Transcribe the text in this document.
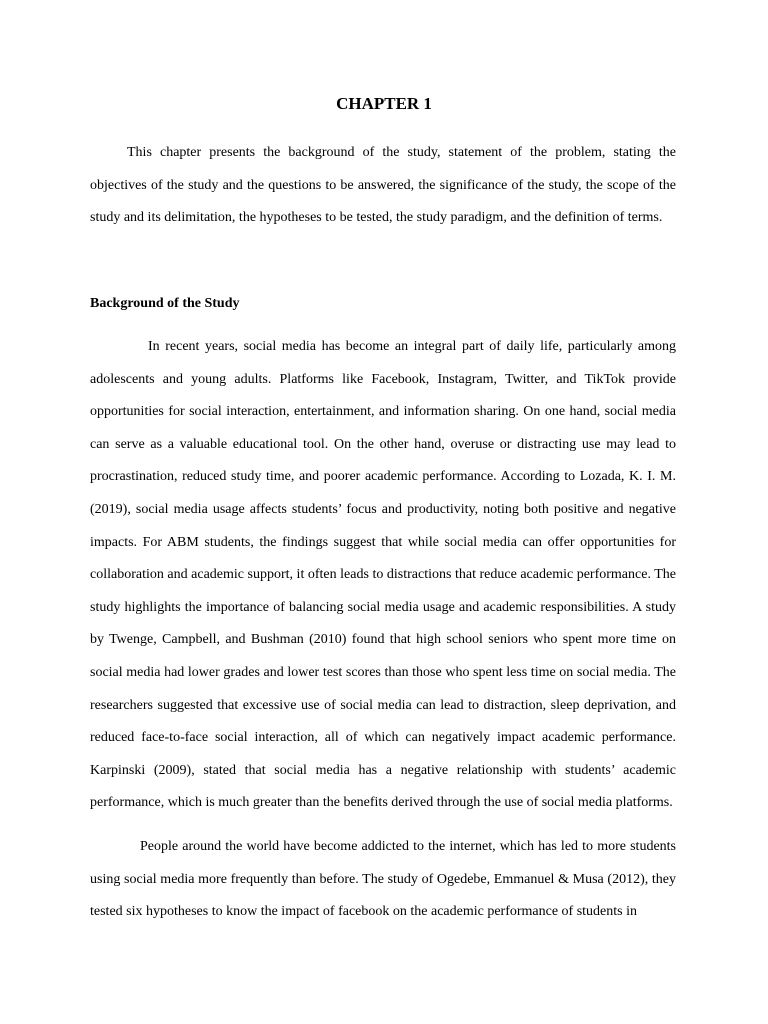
CHAPTER 1

This chapter presents the background of the study, statement of the problem, stating the objectives of the study and the questions to be answered, the significance of the study, the scope of the study and its delimitation, the hypotheses to be tested, the study paradigm, and the definition of terms.

Background of the Study

In recent years, social media has become an integral part of daily life, particularly among adolescents and young adults. Platforms like Facebook, Instagram, Twitter, and TikTok provide opportunities for social interaction, entertainment, and information sharing. On one hand, social media can serve as a valuable educational tool. On the other hand, overuse or distracting use may lead to procrastination, reduced study time, and poorer academic performance. According to Lozada, K. I. M. (2019), social media usage affects students’ focus and productivity, noting both positive and negative impacts. For ABM students, the findings suggest that while social media can offer opportunities for collaboration and academic support, it often leads to distractions that reduce academic performance. The study highlights the importance of balancing social media usage and academic responsibilities. A study by Twenge, Campbell, and Bushman (2010) found that high school seniors who spent more time on social media had lower grades and lower test scores than those who spent less time on social media. The researchers suggested that excessive use of social media can lead to distraction, sleep deprivation, and reduced face-to-face social interaction, all of which can negatively impact academic performance. Karpinski (2009), stated that social media has a negative relationship with students’ academic performance, which is much greater than the benefits derived through the use of social media platforms.

People around the world have become addicted to the internet, which has led to more students using social media more frequently than before. The study of Ogedebe, Emmanuel & Musa (2012), they tested six hypotheses to know the impact of facebook on the academic performance of students in
